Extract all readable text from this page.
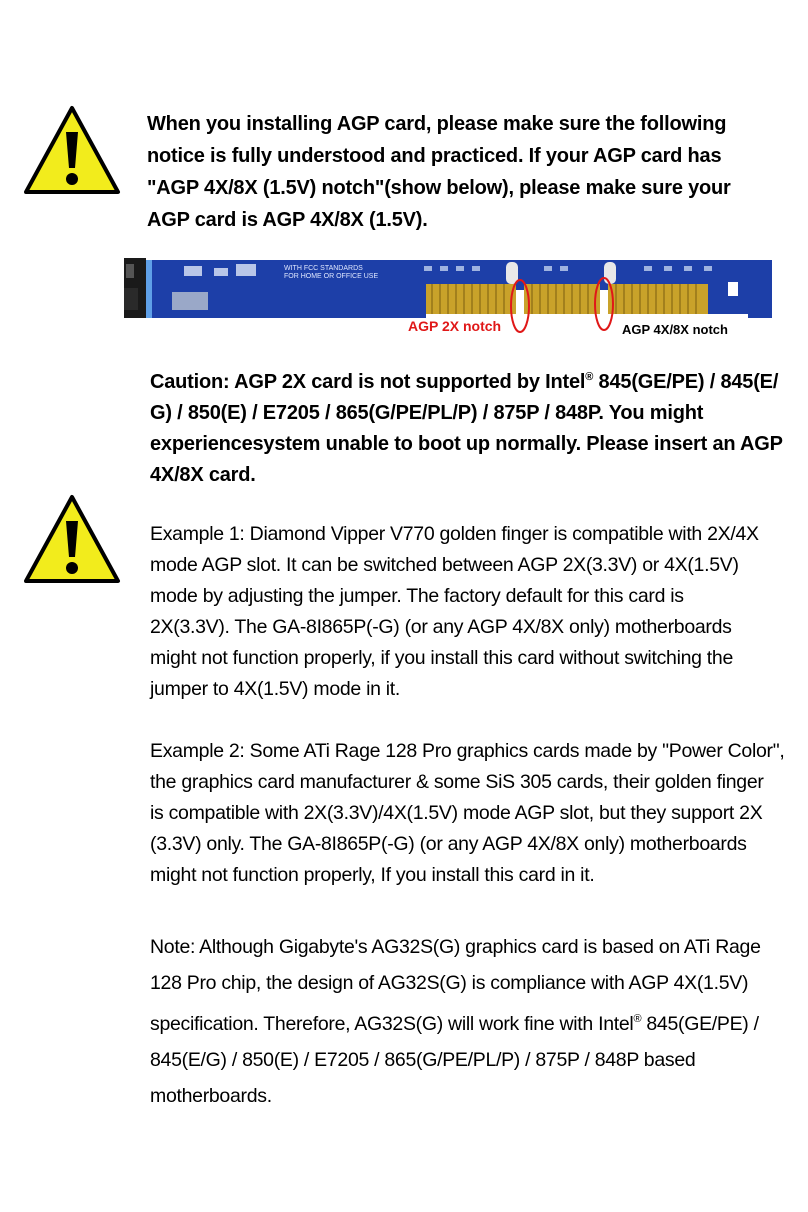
When you installing AGP card, please make sure the following
notice is fully understood and practiced. If your AGP card has
"AGP 4X/8X (1.5V) notch"(show below), please make sure your
AGP card is AGP 4X/8X (1.5V).
WITH FCC STANDARDS
FOR HOME OR OFFICE USE
AGP 2X notch	AGP 4X/8X notch
Caution: AGP 2X card is not supported by Intel® 845(GE/PE) / 845(E/
G) / 850(E) / E7205 / 865(G/PE/PL/P) / 875P / 848P. You might
experiencesystem unable to boot up normally. Please insert an AGP
4X/8X card.
Example 1: Diamond Vipper V770 golden finger is compatible with 2X/4X
mode AGP slot. It can be switched between AGP 2X(3.3V) or 4X(1.5V)
mode by adjusting the jumper. The factory default for this card is
2X(3.3V). The GA-8I865P(-G) (or any AGP 4X/8X only) motherboards
might not function properly, if you install this card without switching the
jumper to 4X(1.5V) mode in it.
Example 2: Some ATi Rage 128 Pro graphics cards made by "Power Color",
the graphics card manufacturer & some SiS 305 cards, their golden finger
is compatible with 2X(3.3V)/4X(1.5V) mode AGP slot, but they support 2X
(3.3V) only. The GA-8I865P(-G) (or any AGP 4X/8X only) motherboards
might not function properly, If you install this card in it.
Note: Although Gigabyte's AG32S(G) graphics card is based on ATi Rage
128 Pro chip, the design of AG32S(G) is compliance with AGP 4X(1.5V)
specification. Therefore, AG32S(G) will work fine with Intel® 845(GE/PE) /
845(E/G) / 850(E) / E7205 / 865(G/PE/PL/P) / 875P / 848P based
motherboards.
